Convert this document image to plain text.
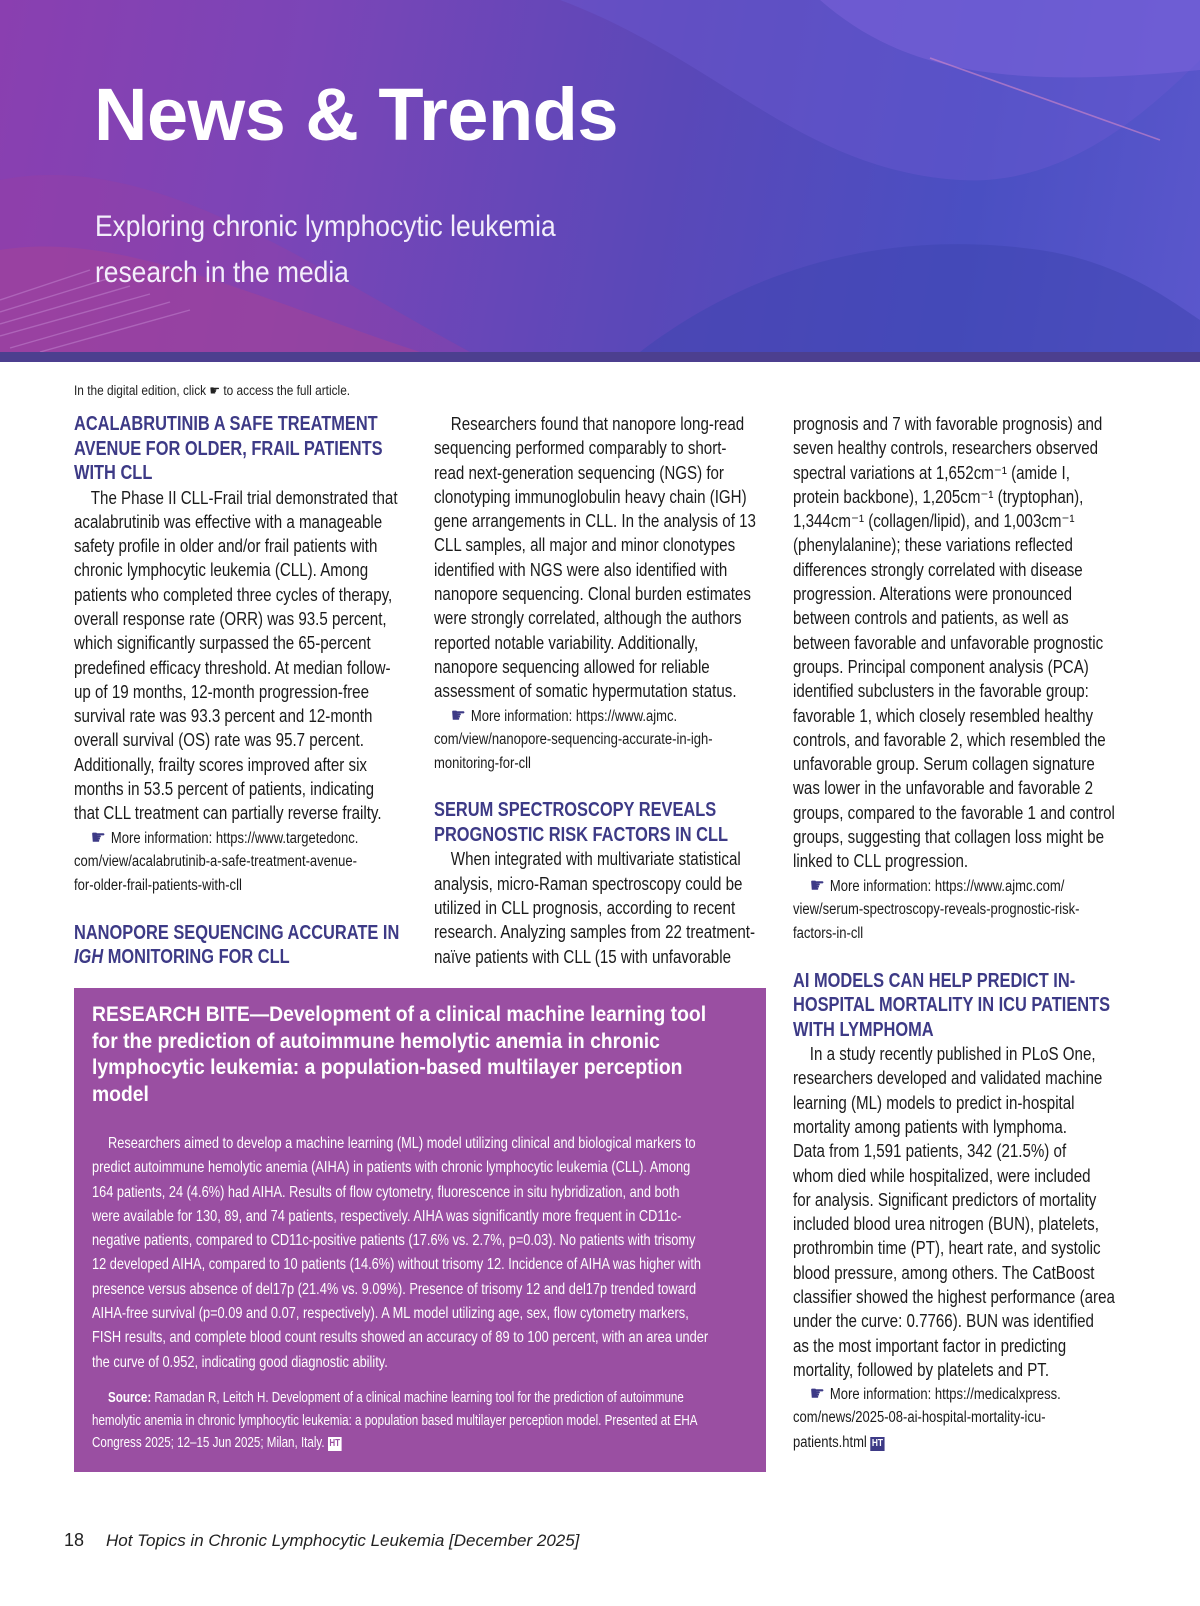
News & Trends
Exploring chronic lymphocytic leukemia
research in the media
In the digital edition, click ☛ to access the full article.
ACALABRUTINIB A SAFE TREATMENT
AVENUE FOR OLDER, FRAIL PATIENTS
WITH CLL
The Phase II CLL-Frail trial demonstrated that
acalabrutinib was effective with a manageable
safety profile in older and/or frail patients with
chronic lymphocytic leukemia (CLL). Among
patients who completed three cycles of therapy,
overall response rate (ORR) was 93.5 percent,
which significantly surpassed the 65-percent
predefined efficacy threshold. At median follow-
up of 19 months, 12-month progression-free
survival rate was 93.3 percent and 12-month
overall survival (OS) rate was 95.7 percent.
Additionally, frailty scores improved after six
months in 53.5 percent of patients, indicating
that CLL treatment can partially reverse frailty.
☛ More information: https://www.targetedonc.
com/view/acalabrutinib-a-safe-treatment-avenue-
for-older-frail-patients-with-cll
NANOPORE SEQUENCING ACCURATE IN
IGH MONITORING FOR CLL
Researchers found that nanopore long-read
sequencing performed comparably to short-
read next-generation sequencing (NGS) for
clonotyping immunoglobulin heavy chain (IGH)
gene arrangements in CLL. In the analysis of 13
CLL samples, all major and minor clonotypes
identified with NGS were also identified with
nanopore sequencing. Clonal burden estimates
were strongly correlated, although the authors
reported notable variability. Additionally,
nanopore sequencing allowed for reliable
assessment of somatic hypermutation status.
☛ More information: https://www.ajmc.
com/view/nanopore-sequencing-accurate-in-igh-
monitoring-for-cll
SERUM SPECTROSCOPY REVEALS
PROGNOSTIC RISK FACTORS IN CLL
When integrated with multivariate statistical
analysis, micro-Raman spectroscopy could be
utilized in CLL prognosis, according to recent
research. Analyzing samples from 22 treatment-
naïve patients with CLL (15 with unfavorable
prognosis and 7 with favorable prognosis) and
seven healthy controls, researchers observed
spectral variations at 1,652cm⁻¹ (amide I,
protein backbone), 1,205cm⁻¹ (tryptophan),
1,344cm⁻¹ (collagen/lipid), and 1,003cm⁻¹
(phenylalanine); these variations reflected
differences strongly correlated with disease
progression. Alterations were pronounced
between controls and patients, as well as
between favorable and unfavorable prognostic
groups. Principal component analysis (PCA)
identified subclusters in the favorable group:
favorable 1, which closely resembled healthy
controls, and favorable 2, which resembled the
unfavorable group. Serum collagen signature
was lower in the unfavorable and favorable 2
groups, compared to the favorable 1 and control
groups, suggesting that collagen loss might be
linked to CLL progression.
☛ More information: https://www.ajmc.com/
view/serum-spectroscopy-reveals-prognostic-risk-
factors-in-cll
AI MODELS CAN HELP PREDICT IN-
HOSPITAL MORTALITY IN ICU PATIENTS
WITH LYMPHOMA
In a study recently published in PLoS One,
researchers developed and validated machine
learning (ML) models to predict in-hospital
mortality among patients with lymphoma.
Data from 1,591 patients, 342 (21.5%) of
whom died while hospitalized, were included
for analysis. Significant predictors of mortality
included blood urea nitrogen (BUN), platelets,
prothrombin time (PT), heart rate, and systolic
blood pressure, among others. The CatBoost
classifier showed the highest performance (area
under the curve: 0.7766). BUN was identified
as the most important factor in predicting
mortality, followed by platelets and PT.
☛ More information: https://medicalxpress.
com/news/2025-08-ai-hospital-mortality-icu-
patients.html HT
RESEARCH BITE—Development of a clinical machine learning tool
for the prediction of autoimmune hemolytic anemia in chronic
lymphocytic leukemia: a population-based multilayer perception
model
Researchers aimed to develop a machine learning (ML) model utilizing clinical and biological markers to
predict autoimmune hemolytic anemia (AIHA) in patients with chronic lymphocytic leukemia (CLL). Among
164 patients, 24 (4.6%) had AIHA. Results of flow cytometry, fluorescence in situ hybridization, and both
were available for 130, 89, and 74 patients, respectively. AIHA was significantly more frequent in CD11c-
negative patients, compared to CD11c-positive patients (17.6% vs. 2.7%, p=0.03). No patients with trisomy
12 developed AIHA, compared to 10 patients (14.6%) without trisomy 12. Incidence of AIHA was higher with
presence versus absence of del17p (21.4% vs. 9.09%). Presence of trisomy 12 and del17p trended toward
AIHA-free survival (p=0.09 and 0.07, respectively). A ML model utilizing age, sex, flow cytometry markers,
FISH results, and complete blood count results showed an accuracy of 89 to 100 percent, with an area under
the curve of 0.952, indicating good diagnostic ability.
Source: Ramadan R, Leitch H. Development of a clinical machine learning tool for the prediction of autoimmune
hemolytic anemia in chronic lymphocytic leukemia: a population based multilayer perception model. Presented at EHA
Congress 2025; 12–15 Jun 2025; Milan, Italy. HT
18 Hot Topics in Chronic Lymphocytic Leukemia [December 2025]
